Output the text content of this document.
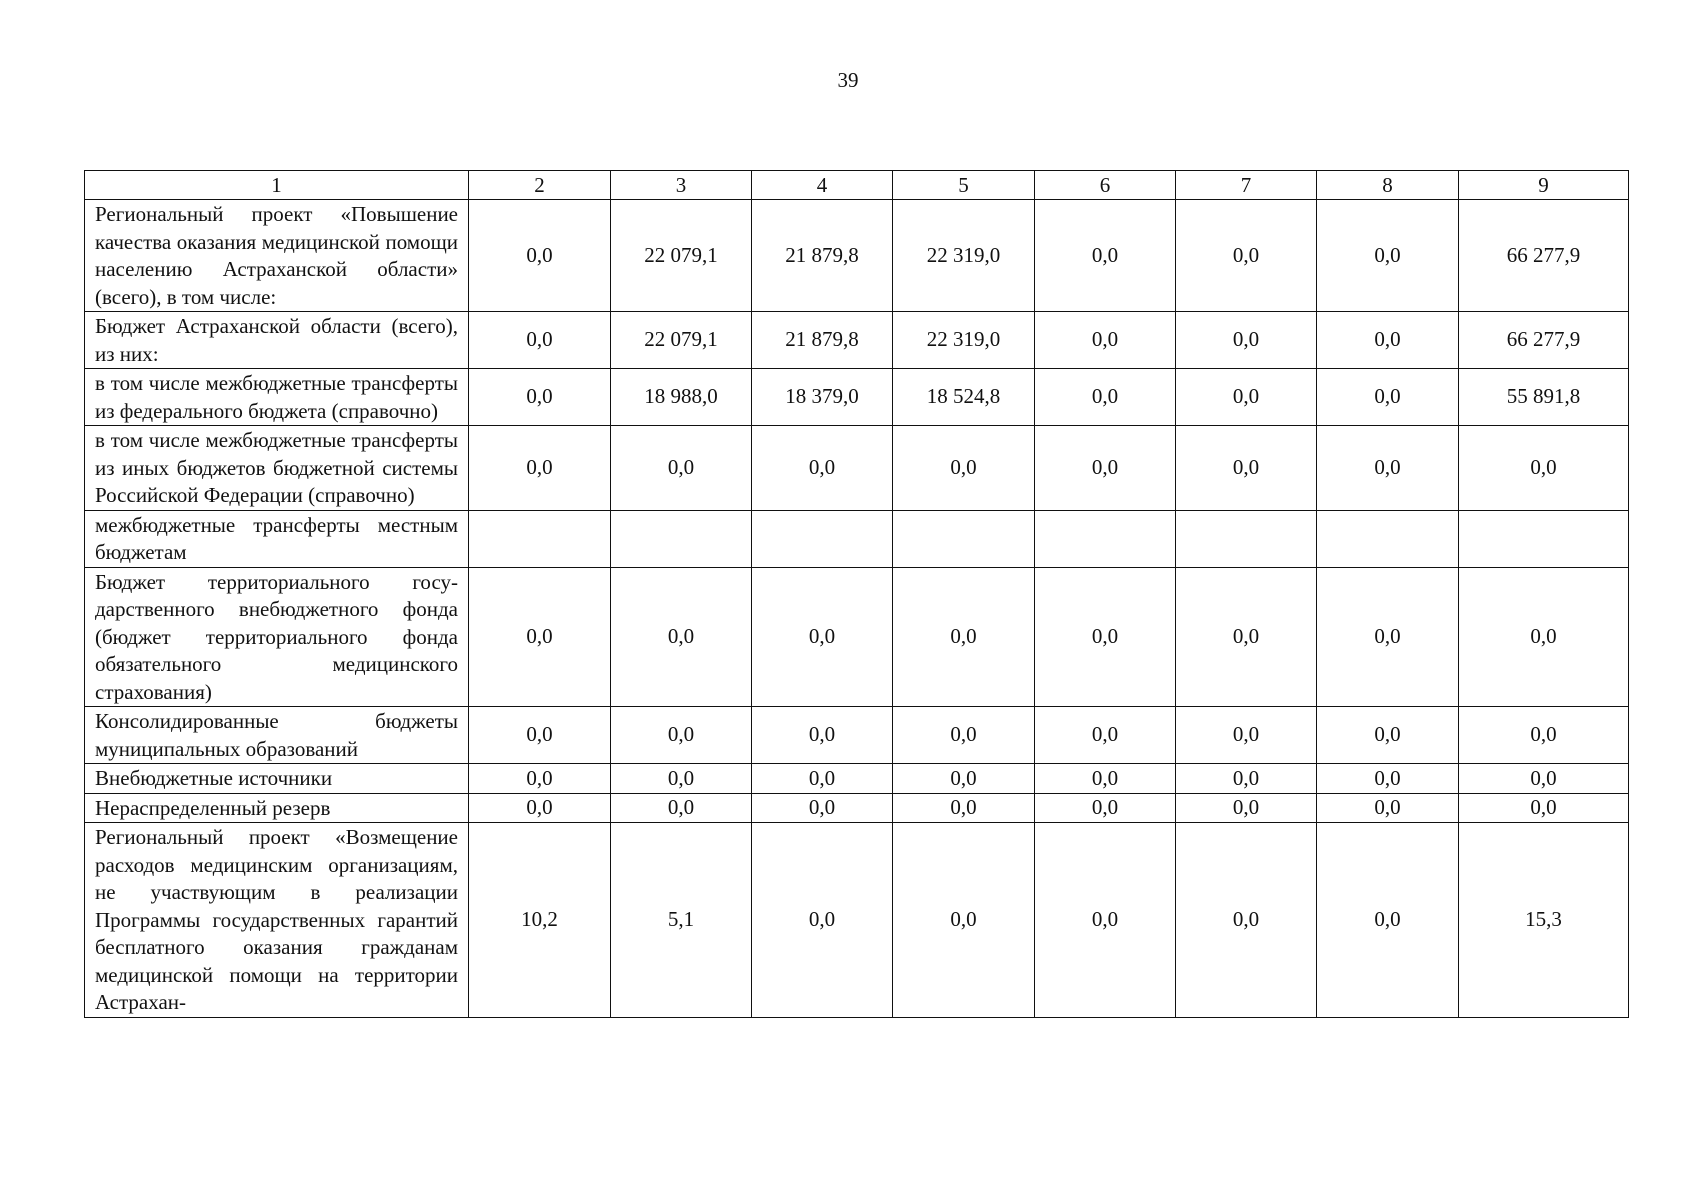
39
1	2	3	4	5	6	7	8	9
Региональный проект «Повышение качества оказания медицинской помощи населению Астраханской области» (всего), в том числе:	0,0	22 079,1	21 879,8	22 319,0	0,0	0,0	0,0	66 277,9
Бюджет Астраханской области (всего), из них:	0,0	22 079,1	21 879,8	22 319,0	0,0	0,0	0,0	66 277,9
в том числе межбюджетные трансферты из федерального бюджета (справочно)	0,0	18 988,0	18 379,0	18 524,8	0,0	0,0	0,0	55 891,8
в том числе межбюджетные трансферты из иных бюджетов бюджетной системы Российской Федерации (справочно)	0,0	0,0	0,0	0,0	0,0	0,0	0,0	0,0
межбюджетные трансферты местным бюджетам								
Бюджет территориального государственного внебюджетного фонда (бюджет территориального фонда обязательного медицинского страхования)	0,0	0,0	0,0	0,0	0,0	0,0	0,0	0,0
Консолидированные бюджеты муниципальных образований	0,0	0,0	0,0	0,0	0,0	0,0	0,0	0,0
Внебюджетные источники	0,0	0,0	0,0	0,0	0,0	0,0	0,0	0,0
Нераспределенный резерв	0,0	0,0	0,0	0,0	0,0	0,0	0,0	0,0
Региональный проект «Возмещение расходов медицинским организациям, не участвующим в реализации Программы государственных гарантий бесплатного оказания гражданам медицинской помощи на территории Астрахан-	10,2	5,1	0,0	0,0	0,0	0,0	0,0	15,3
